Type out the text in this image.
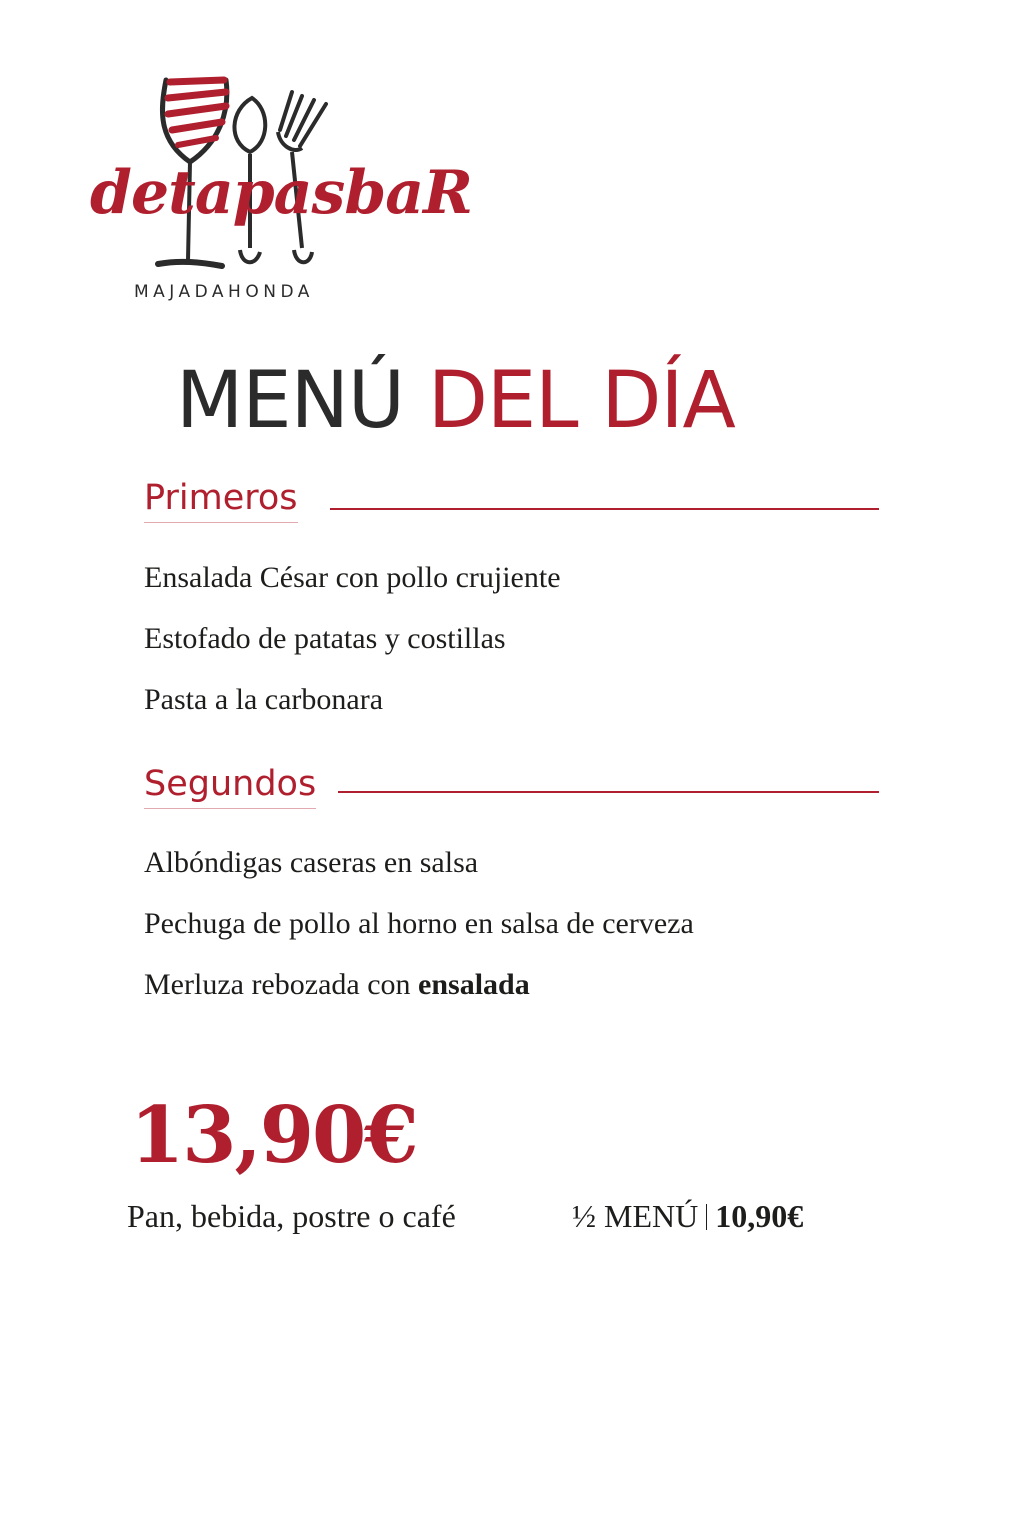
detapasbaR
MAJADAHONDA
MENÚ DEL DÍA
Primeros
Ensalada César con pollo crujiente
Estofado de patatas y costillas
Pasta a la carbonara
Segundos
Albóndigas caseras en salsa
Pechuga de pollo al horno en salsa de cerveza
Merluza rebozada con ensalada
13,90€
Pan, bebida, postre o café	½ MENÚ 10,90€
